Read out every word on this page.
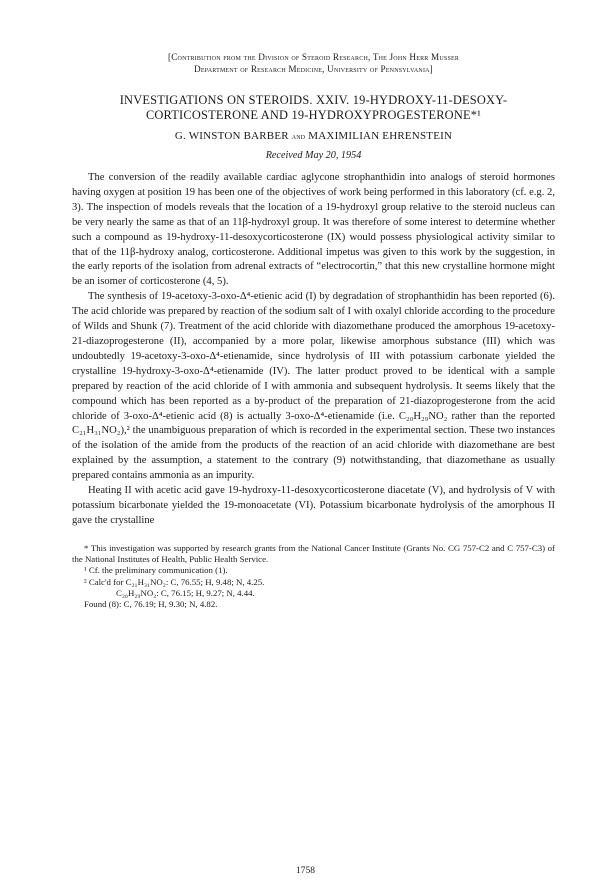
[Contribution from the Division of Steroid Research, The John Herr Musser
Department of Research Medicine, University of Pennsylvania]
INVESTIGATIONS ON STEROIDS. XXIV. 19-HYDROXY-11-DESOXY-
CORTICOSTERONE AND 19-HYDROXYPROGESTERONE*¹
G. WINSTON BARBER and MAXIMILIAN EHRENSTEIN
Received May 20, 1954

The conversion of the readily available cardiac aglycone strophanthidin into analogs of steroid hormones having oxygen at position 19 has been one of the objectives of work being performed in this laboratory (cf. e.g. 2, 3). The inspection of models reveals that the location of a 19-hydroxyl group relative to the steroid nucleus can be very nearly the same as that of an 11β-hydroxyl group. It was therefore of some interest to determine whether such a compound as 19-hydroxy-11-desoxycorticosterone (IX) would possess physiological activity similar to that of the 11β-hydroxy analog, corticosterone. Additional impetus was given to this work by the suggestion, in the early reports of the isolation from adrenal extracts of “electrocortin,” that this new crystalline hormone might be an isomer of corticosterone (4, 5).

The synthesis of 19-acetoxy-3-oxo-Δ⁴-etienic acid (I) by degradation of strophanthidin has been reported (6). The acid chloride was prepared by reaction of the sodium salt of I with oxalyl chloride according to the procedure of Wilds and Shunk (7). Treatment of the acid chloride with diazomethane produced the amorphous 19-acetoxy-21-diazoprogesterone (II), accompanied by a more polar, likewise amorphous substance (III) which was undoubtedly 19-acetoxy-3-oxo-Δ⁴-etienamide, since hydrolysis of III with potassium carbonate yielded the crystalline 19-hydroxy-3-oxo-Δ⁴-etienamide (IV). The latter product proved to be identical with a sample prepared by reaction of the acid chloride of I with ammonia and subsequent hydrolysis. It seems likely that the compound which has been reported as a by-product of the preparation of 21-diazoprogesterone from the acid chloride of 3-oxo-Δ⁴-etienic acid (8) is actually 3-oxo-Δ⁴-etienamide (i.e. C₂₀H₂₉NO₂ rather than the reported C₂₁H₃₁NO₂),² the unambiguous preparation of which is recorded in the experimental section. These two instances of the isolation of the amide from the products of the reaction of an acid chloride with diazomethane are best explained by the assumption, a statement to the contrary (9) notwithstanding, that diazomethane as usually prepared contains ammonia as an impurity.

Heating II with acetic acid gave 19-hydroxy-11-desoxycorticosterone diacetate (V), and hydrolysis of V with potassium bicarbonate yielded the 19-monoacetate (VI). Potassium bicarbonate hydrolysis of the amorphous II gave the crystalline

* This investigation was supported by research grants from the National Cancer Institute (Grants No. CG 757-C2 and C 757-C3) of the National Institutes of Health, Public Health Service.

¹ Cf. the preliminary communication (1).

² Calc'd for C₂₁H₃₁NO₂: C, 76.55; H, 9.48; N, 4.25.

C₂₀H₂₉NO₂: C, 76.15; H, 9.27; N, 4.44.

Found (8): C, 76.19; H, 9.30; N, 4.82.

1758
